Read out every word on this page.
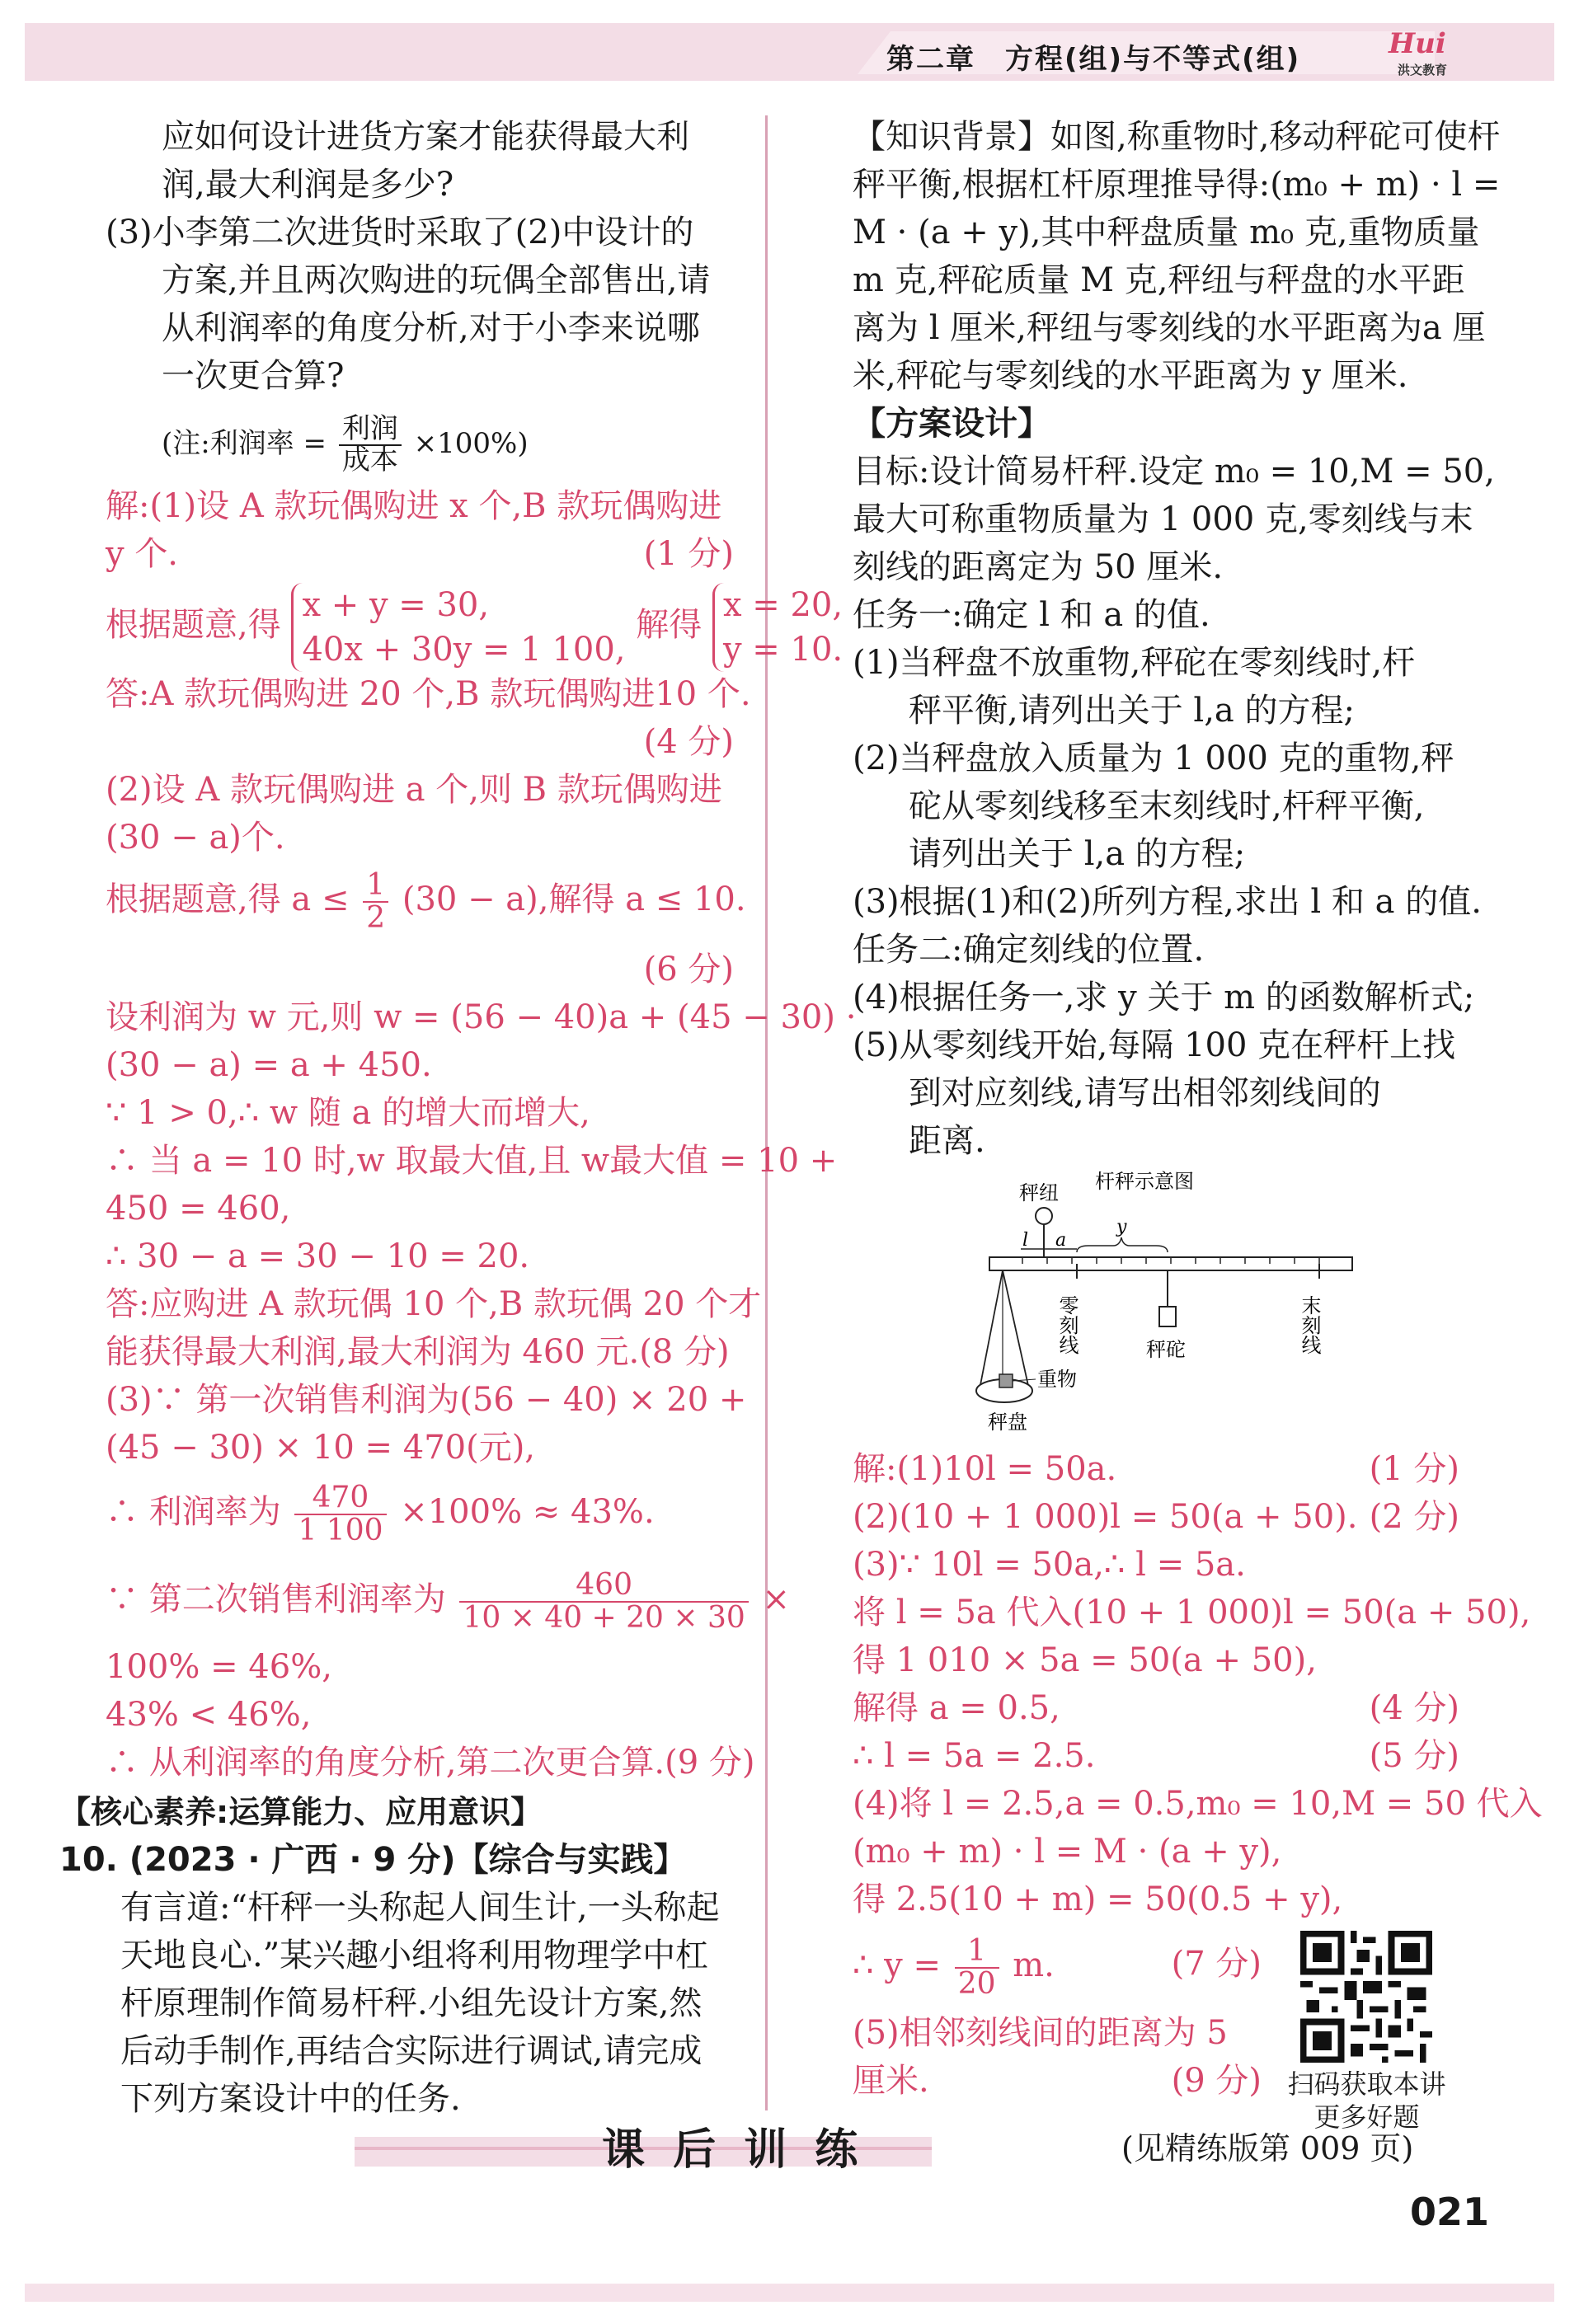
第二章　方程(组)与不等式(组)	Hui
洪文教育
应如何设计进货方案才能获得最大利
润,最大利润是多少?
(3)小李第二次进货时采取了(2)中设计的
方案,并且两次购进的玩偶全部售出,请
从利润率的角度分析,对于小李来说哪
一次更合算?
(注:利润率 = $\frac{\text{利润}}{\text{成本}} \times 100\%$)
解:(1)设 A 款玩偶购进 x 个,B 款玩偶购进
y 个.	(1 分)
根据题意,得
x + y = 30,
40x + 30y = 1 100,
解得
x = 20,
y = 10.
答:A 款玩偶购进 20 个,B 款玩偶购进10 个.
(4 分)
(2)设 A 款玩偶购进 a 个,则 B 款玩偶购进
(30 − a)个.
根据题意,得 $a \le \frac{1}{2} (30 - a)$,解得 a ≤ 10.
(6 分)
设利润为 w 元,则 w = (56 − 40)a + (45 − 30) ·
(30 − a) = a + 450.
∵ 1 > 0,∴ w 随 a 的增大而增大,
∴ 当 a = 10 时,w 取最大值,且 w最大值 = 10 +
450 = 460,
∴ 30 − a = 30 − 10 = 20.
答:应购进 A 款玩偶 10 个,B 款玩偶 20 个才
能获得最大利润,最大利润为 460 元.(8 分)
(3)∵ 第一次销售利润为(56 − 40) × 20 +
(45 − 30) × 10 = 470(元),
∴ 利润率为 $\frac{470}{1 100} \times 100\% \approx 43\%$.
∵ 第二次销售利润率为 $\frac{460}{10 \times 40 + 20 \times 30}$ ×
100% = 46%,
43% < 46%,
∴ 从利润率的角度分析,第二次更合算.(9 分)
【核心素养:运算能力、应用意识】
10. (2023 · 广西 · 9 分)【综合与实践】
有言道:“杆秤一头称起人间生计,一头称起
天地良心.”某兴趣小组将利用物理学中杠
杆原理制作简易杆秤.小组先设计方案,然
后动手制作,再结合实际进行调试,请完成
下列方案设计中的任务.
【知识背景】如图,称重物时,移动秤砣可使杆
秤平衡,根据杠杆原理推导得:(m₀ + m) · l =
M · (a + y),其中秤盘质量 m₀ 克,重物质量
m 克,秤砣质量 M 克,秤纽与秤盘的水平距
离为 l 厘米,秤纽与零刻线的水平距离为a 厘
米,秤砣与零刻线的水平距离为 y 厘米.
【方案设计】
目标:设计简易杆秤.设定 m₀ = 10,M = 50,
最大可称重物质量为 1 000 克,零刻线与末
刻线的距离定为 50 厘米.
任务一:确定 l 和 a 的值.
(1)当秤盘不放重物,秤砣在零刻线时,杆
秤平衡,请列出关于 l,a 的方程;
(2)当秤盘放入质量为 1 000 克的重物,秤
砣从零刻线移至末刻线时,杆秤平衡,
请列出关于 l,a 的方程;
(3)根据(1)和(2)所列方程,求出 l 和 a 的值.
任务二:确定刻线的位置.
(4)根据任务一,求 y 关于 m 的函数解析式;
(5)从零刻线开始,每隔 100 克在秤杆上找
到对应刻线,请写出相邻刻线间的
距离.
秤纽 杆秤示意图
l a
y
零刻线	秤砣	末刻线
重物
秤盘
解:(1)10l = 50a.	(1 分)
(2)(10 + 1 000)l = 50(a + 50). (2 分)
(3)∵ 10l = 50a,∴ l = 5a.
将 l = 5a 代入(10 + 1 000)l = 50(a + 50),
得 1 010 × 5a = 50(a + 50),
解得 a = 0.5,	(4 分)
∴ l = 5a = 2.5.	(5 分)
(4)将 l = 2.5,a = 0.5,m₀ = 10,M = 50 代入
(m₀ + m) · l = M · (a + y),
得 2.5(10 + m) = 50(0.5 + y),
∴ $y = \frac{1}{20} m$.	(7 分)
(5)相邻刻线间的距离为 5
厘米.	(9 分) 扫码获取本讲
更多好题
课 后 训 练	(见精练版第 009 页)
021
